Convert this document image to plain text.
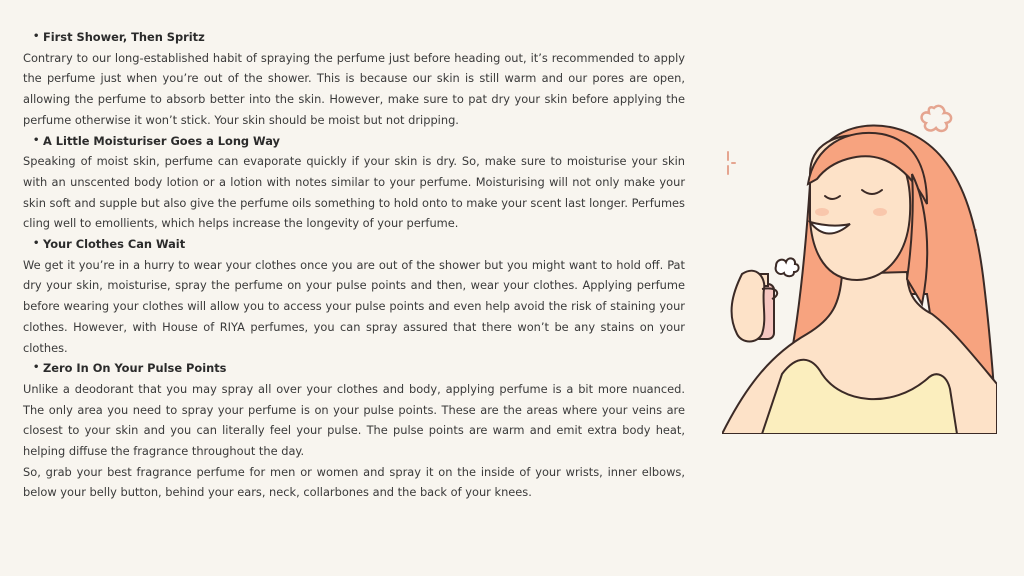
• First Shower, Then Spritz

Contrary to our long-established habit of spraying the perfume just before heading out, it’s recommended to apply the perfume just when you’re out of the shower. This is because our skin is still warm and our pores are open, allowing the perfume to absorb better into the skin. However, make sure to pat dry your skin before applying the perfume otherwise it won’t stick. Your skin should be moist but not dripping.

• A Little Moisturiser Goes a Long Way

Speaking of moist skin, perfume can evaporate quickly if your skin is dry. So, make sure to moisturise your skin with an unscented body lotion or a lotion with notes similar to your perfume. Moisturising will not only make your skin soft and supple but also give the perfume oils something to hold onto to make your scent last longer. Perfumes cling well to emollients, which helps increase the longevity of your perfume.

• Your Clothes Can Wait

We get it you’re in a hurry to wear your clothes once you are out of the shower but you might want to hold off. Pat dry your skin, moisturise, spray the perfume on your pulse points and then, wear your clothes. Applying perfume before wearing your clothes will allow you to access your pulse points and even help avoid the risk of staining your clothes. However, with House of RIYA perfumes, you can spray assured that there won’t be any stains on your clothes.

• Zero In On Your Pulse Points

Unlike a deodorant that you may spray all over your clothes and body, applying perfume is a bit more nuanced. The only area you need to spray your perfume is on your pulse points. These are the areas where your veins are closest to your skin and you can literally feel your pulse. The pulse points are warm and emit extra body heat, helping diffuse the fragrance throughout the day.

So, grab your best fragrance perfume for men or women and spray it on the inside of your wrists, inner elbows, below your belly button, behind your ears, neck, collarbones and the back of your knees.
